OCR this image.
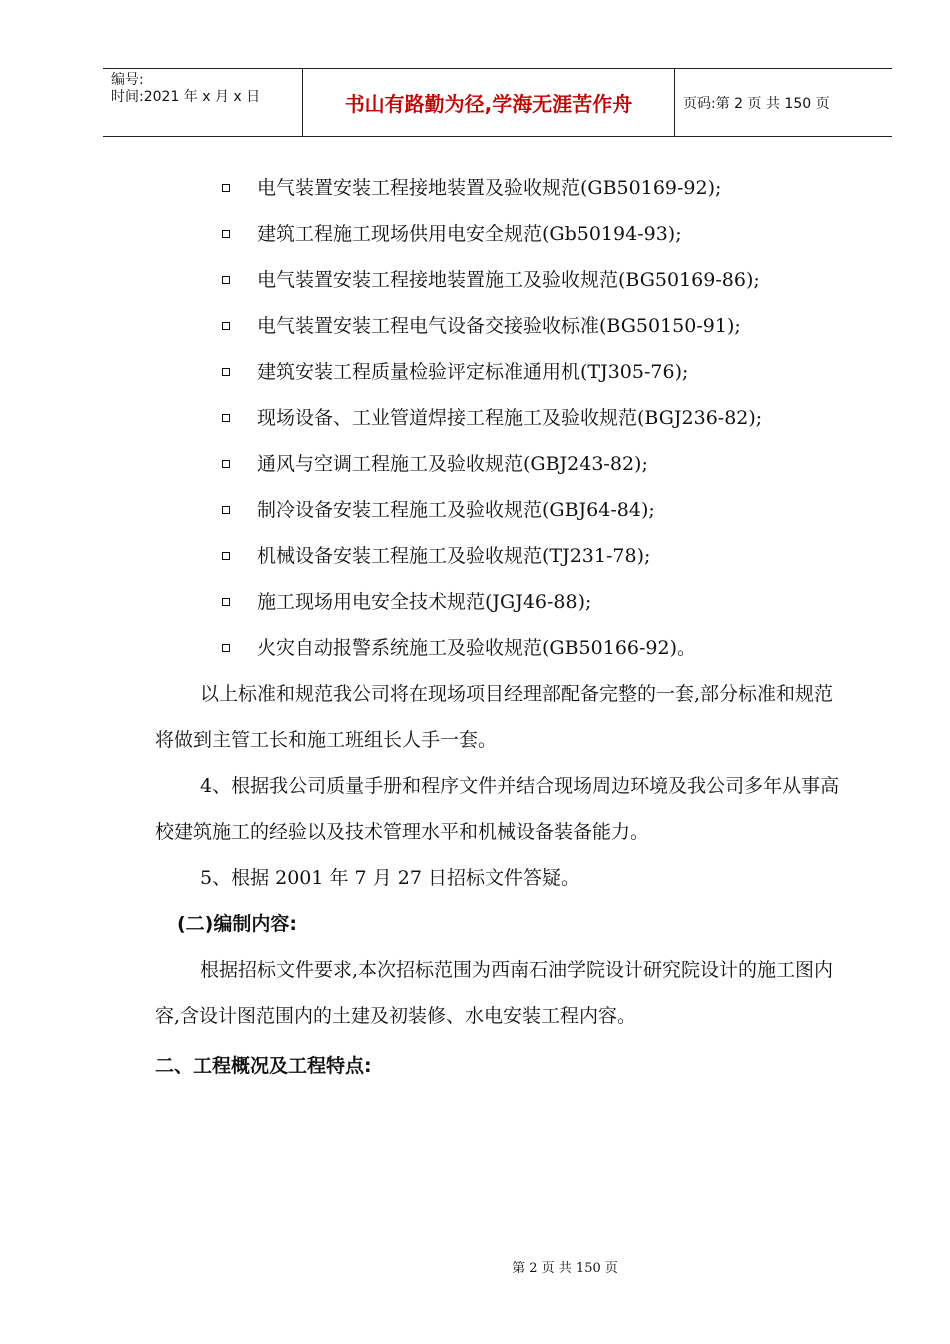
编号:
时间:2021 年 x 月 x 日	书山有路勤为径,学海无涯苦作舟	页码:第 2 页 共 150 页
电气装置安装工程接地装置及验收规范(GB50169-92);
建筑工程施工现场供用电安全规范(Gb50194-93);
电气装置安装工程接地装置施工及验收规范(BG50169-86);
电气装置安装工程电气设备交接验收标准(BG50150-91);
建筑安装工程质量检验评定标准通用机(TJ305-76);
现场设备、工业管道焊接工程施工及验收规范(BGJ236-82);
通风与空调工程施工及验收规范(GBJ243-82);
制冷设备安装工程施工及验收规范(GBJ64-84);
机械设备安装工程施工及验收规范(TJ231-78);
施工现场用电安全技术规范(JGJ46-88);
火灾自动报警系统施工及验收规范(GB50166-92)。

以上标准和规范我公司将在现场项目经理部配备完整的一套,部分标准和规范将做到主管工长和施工班组长人手一套。

4、根据我公司质量手册和程序文件并结合现场周边环境及我公司多年从事高校建筑施工的经验以及技术管理水平和机械设备装备能力。

5、根据 2001 年 7 月 27 日招标文件答疑。

(二)编制内容:

根据招标文件要求,本次招标范围为西南石油学院设计研究院设计的施工图内容,含设计图范围内的土建及初装修、水电安装工程内容。

二、工程概况及工程特点:
第 2 页 共 150 页
